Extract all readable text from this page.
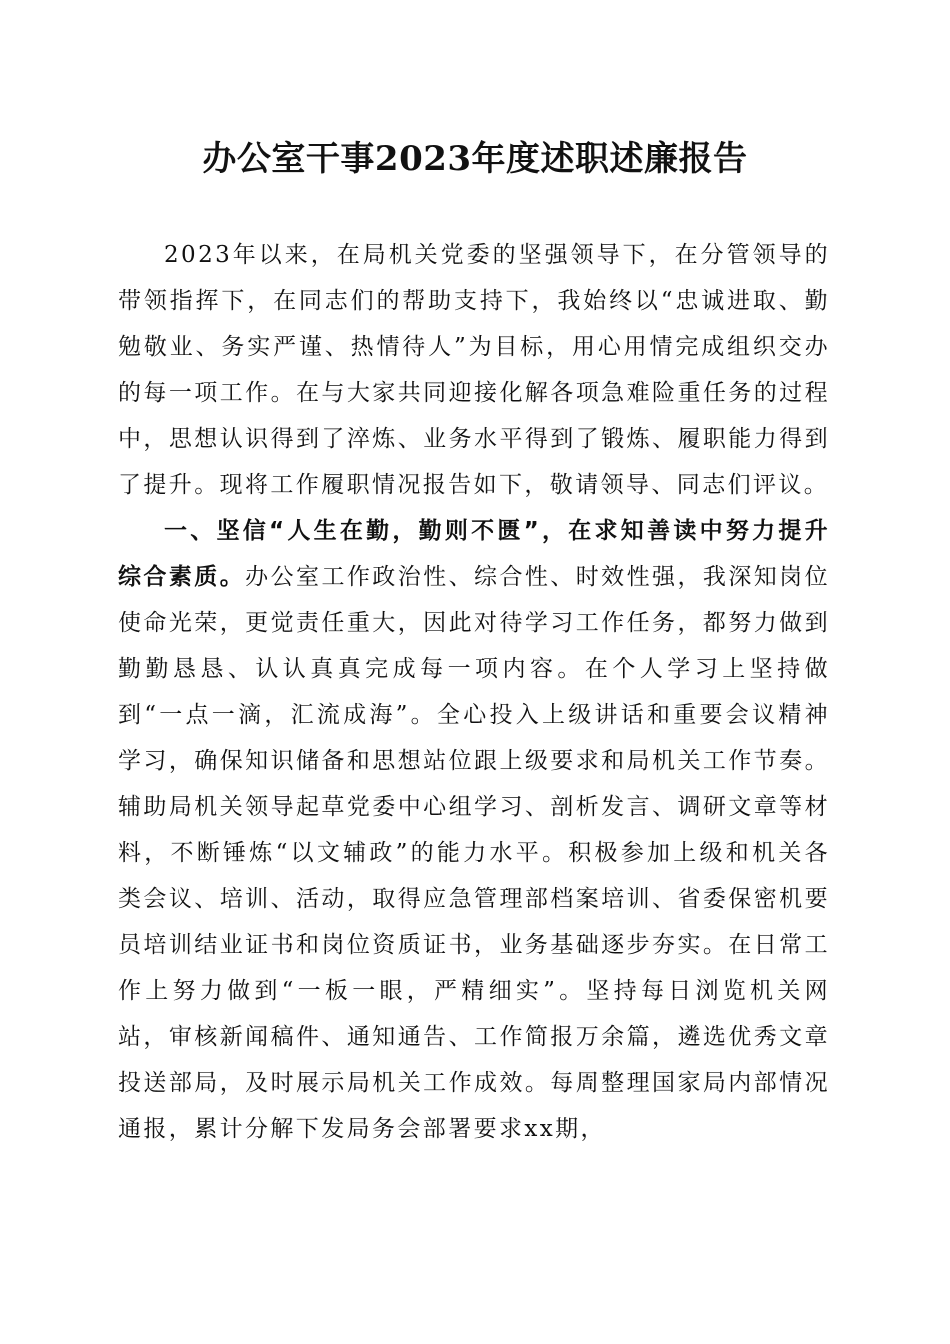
办公室干事2023年度述职述廉报告

2023年以来，在局机关党委的坚强领导下，在分管领导的带领指挥下，在同志们的帮助支持下，我始终以“忠诚进取、勤勉敬业、务实严谨、热情待人”为目标，用心用情完成组织交办的每一项工作。在与大家共同迎接化解各项急难险重任务的过程中，思想认识得到了淬炼、业务水平得到了锻炼、履职能力得到了提升。现将工作履职情况报告如下，敬请领导、同志们评议。

一、坚信“人生在勤，勤则不匮”，在求知善读中努力提升综合素质。办公室工作政治性、综合性、时效性强，我深知岗位使命光荣，更觉责任重大，因此对待学习工作任务，都努力做到勤勤恳恳、认认真真完成每一项内容。在个人学习上坚持做到“一点一滴，汇流成海”。全心投入上级讲话和重要会议精神学习，确保知识储备和思想站位跟上级要求和局机关工作节奏。辅助局机关领导起草党委中心组学习、剖析发言、调研文章等材料，不断锤炼“以文辅政”的能力水平。积极参加上级和机关各类会议、培训、活动，取得应急管理部档案培训、省委保密机要员培训结业证书和岗位资质证书，业务基础逐步夯实。在日常工作上努力做到“一板一眼，严精细实”。坚持每日浏览机关网站，审核新闻稿件、通知通告、工作简报万余篇，遴选优秀文章投送部局，及时展示局机关工作成效。每周整理国家局内部情况通报，累计分解下发局务会部署要求xx期，
